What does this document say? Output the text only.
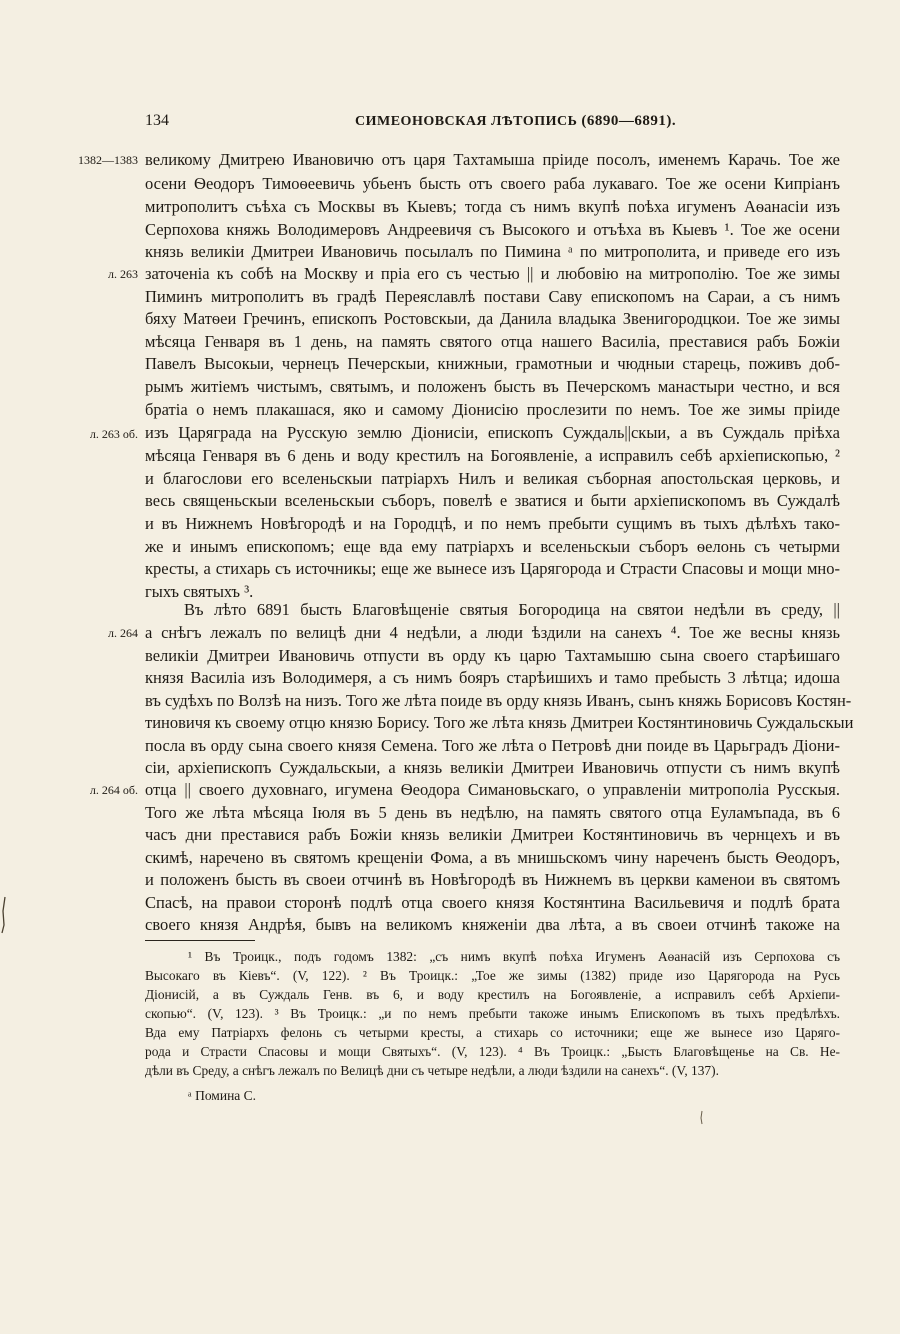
134	СИМЕОНОВСКАЯ ЛѢТОПИСЬ (6890—6891).
1382—1383
л. 263
л. 263 об.
л. 264
л. 264 об.
великому Дмитрею Ивановичю отъ царя Тахтамыша пріиде посолъ, именемъ Карачь. Тое же
осени Ѳеодоръ Тимоѳеевичь убьенъ бысть отъ своего раба лукаваго. Тое же осени Кипріанъ
митрополитъ съѣха съ Москвы въ Кыевъ; тогда съ нимъ вкупѣ поѣха игуменъ Аѳанасіи изъ
Серпохова княжь Володимеровъ Андреевичя съ Высокого и отъѣха въ Кыевъ ¹. Тое же осени
князь великіи Дмитреи Ивановичь посылалъ по Пимина ᵃ по митрополита, и приведе его изъ
заточеніа къ собѣ на Москву и пріа его съ честью || и любовію на митрополію. Тое же зимы
Пиминъ митрополитъ въ градѣ Переяславлѣ постави Саву епископомъ на Сараи, а съ нимъ
бяху Матѳеи Гречинъ, епископъ Ростовскыи, да Данила владыка Звенигородцкои. Тое же зимы
мѣсяца Генваря въ 1 день, на память святого отца нашего Василіа, преставися рабъ Божіи
Павелъ Высокыи, чернецъ Печерскыи, книжныи, грамотныи и чюдныи старець, поживъ доб-
рымъ житіемъ чистымъ, святымъ, и положенъ бысть въ Печерскомъ манастыри честно, и вся
братіа о немъ плакашася, яко и самому Діонисію прослезити по немъ. Тое же зимы пріиде
изъ Царяграда на Русскую землю Діонисіи, епископъ Суждаль||скыи, а въ Суждаль пріѣха
мѣсяца Генваря въ 6 день и воду крестилъ на Богоявленіе, а исправилъ себѣ архіепископью, ²
и благослови его вселеньскыи патріархъ Нилъ и великая съборная апостольская церковь, и
весь священьскыи вселеньскыи съборъ, повелѣ е зватися и быти архіепископомъ въ Суждалѣ
и въ Нижнемъ Новѣгородѣ и на Городцѣ, и по немъ пребыти сущимъ въ тыхъ дѣлѣхъ тако-
же и инымъ епископомъ; еще вда ему патріархъ и вселеньскыи съборъ ѳелонь съ четырми
кресты, а стихарь съ источникы; еще же вынесе изъ Царягорода и Страсти Спасовы и мощи мно-
гыхъ святыхъ ³.
Въ лѣто 6891 бысть Благовѣщеніе святыя Богородица на святои недѣли въ среду, ||
а снѣгъ лежалъ по велицѣ дни 4 недѣли, а люди ѣздили на санехъ ⁴. Тое же весны князь
великіи Дмитреи Ивановичь отпусти въ орду къ царю Тахтамышю сына своего старѣишаго
князя Василіа изъ Володимеря, а съ нимъ бояръ старѣишихъ и тамо пребысть 3 лѣтца; идоша
въ судѣхъ по Волзѣ на низъ. Того же лѣта поиде въ орду князь Иванъ, сынъ княжь Борисовъ Костян-
тиновичя къ своему отцю князю Борису. Того же лѣта князь Дмитреи Костянтиновичь Суждальскыи
посла въ орду сына своего князя Семена. Того же лѣта о Петровѣ дни поиде въ Царьградъ Діони-
сіи, архіепископъ Суждальскыи, а князь великіи Дмитреи Ивановичь отпусти съ нимъ вкупѣ
отца || своего духовнаго, игумена Ѳеодора Симановьскаго, о управленіи митрополіа Русскыя.
Того же лѣта мѣсяца Іюля въ 5 день въ недѣлю, на память святого отца Еуламъпада, въ 6
часъ дни преставися рабъ Божіи князь великіи Дмитреи Костянтиновичь въ чернцехъ и въ
скимѣ, наречено въ святомъ крещеніи Фома, а въ мнишьскомъ чину нареченъ бысть Ѳеодоръ,
и положенъ бысть въ своеи отчинѣ въ Новѣгородѣ въ Нижнемъ въ церкви каменои въ святомъ
Спасѣ, на правои сторонѣ подлѣ отца своего князя Костянтина Васильевичя и подлѣ брата
своего князя Андрѣя, бывъ на великомъ княженіи два лѣта, а въ своеи отчинѣ такоже на
¹ Въ Троицк., подъ годомъ 1382: „съ нимъ вкупѣ поѣха Игуменъ Аѳанасій изъ Серпохова съ
Высокаго въ Кіевъ“. (V, 122). ² Въ Троицк.: „Тое же зимы (1382) приде изо Царягорода на Русь
Діонисій, а въ Суждаль Генв. въ 6, и воду крестилъ на Богоявленіе, а исправилъ себѣ Архіепи-
скопью“. (V, 123). ³ Въ Троицк.: „и по немъ пребыти такоже инымъ Епископомъ въ тыхъ предѣлѣхъ.
Вда ему Патріархъ фелонь съ четырми кресты, а стихарь со источники; еще же вынесе изо Царяго-
рода и Страсти Спасовы и мощи Святыхъ“. (V, 123). ⁴ Въ Троицк.: „Бысть Благовѣщенье на Св. Не-
дѣли въ Среду, а снѣгъ лежалъ по Велицѣ дни съ четыре недѣли, а люди ѣздили на санехъ“. (V, 137).
ᵃ Помина С.
